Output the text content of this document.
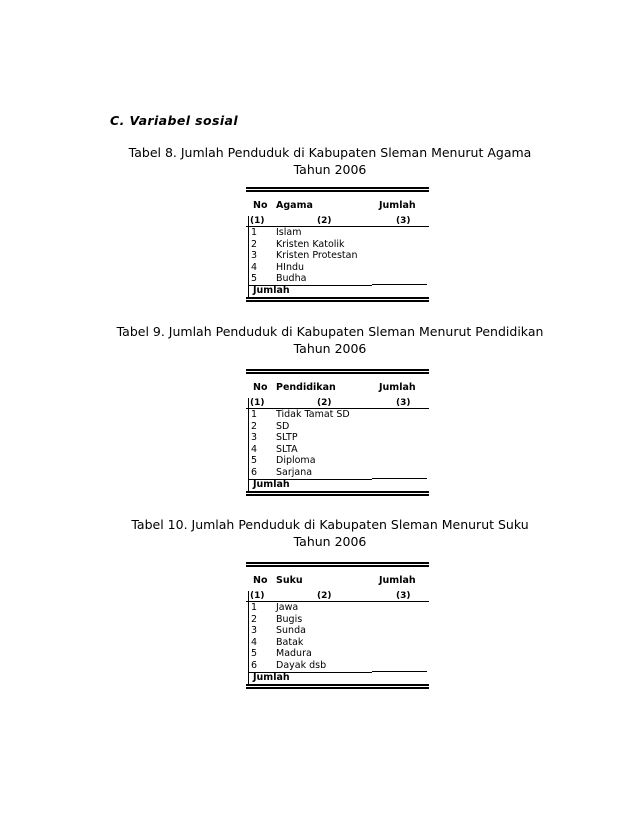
C. Variabel sosial
Tabel 8. Jumlah Penduduk di Kabupaten Sleman Menurut Agama
Tahun 2006
No Agama	Jumlah
(1)	(2)	(3)
1 Islam
2 Kristen Katolik
3 Kristen Protestan
4 HIndu
5 Budha
Jumlah
Tabel 9. Jumlah Penduduk di Kabupaten Sleman Menurut Pendidikan
Tahun 2006
No Pendidikan	Jumlah
(1)	(2)	(3)
1 Tidak Tamat SD
2 SD
3 SLTP
4 SLTA
5 Diploma
6 Sarjana
Jumlah
Tabel 10. Jumlah Penduduk di Kabupaten Sleman Menurut Suku
Tahun 2006
No Suku	Jumlah
(1)	(2)	(3)
1 Jawa
2 Bugis
3 Sunda
4 Batak
5 Madura
6 Dayak dsb
Jumlah
